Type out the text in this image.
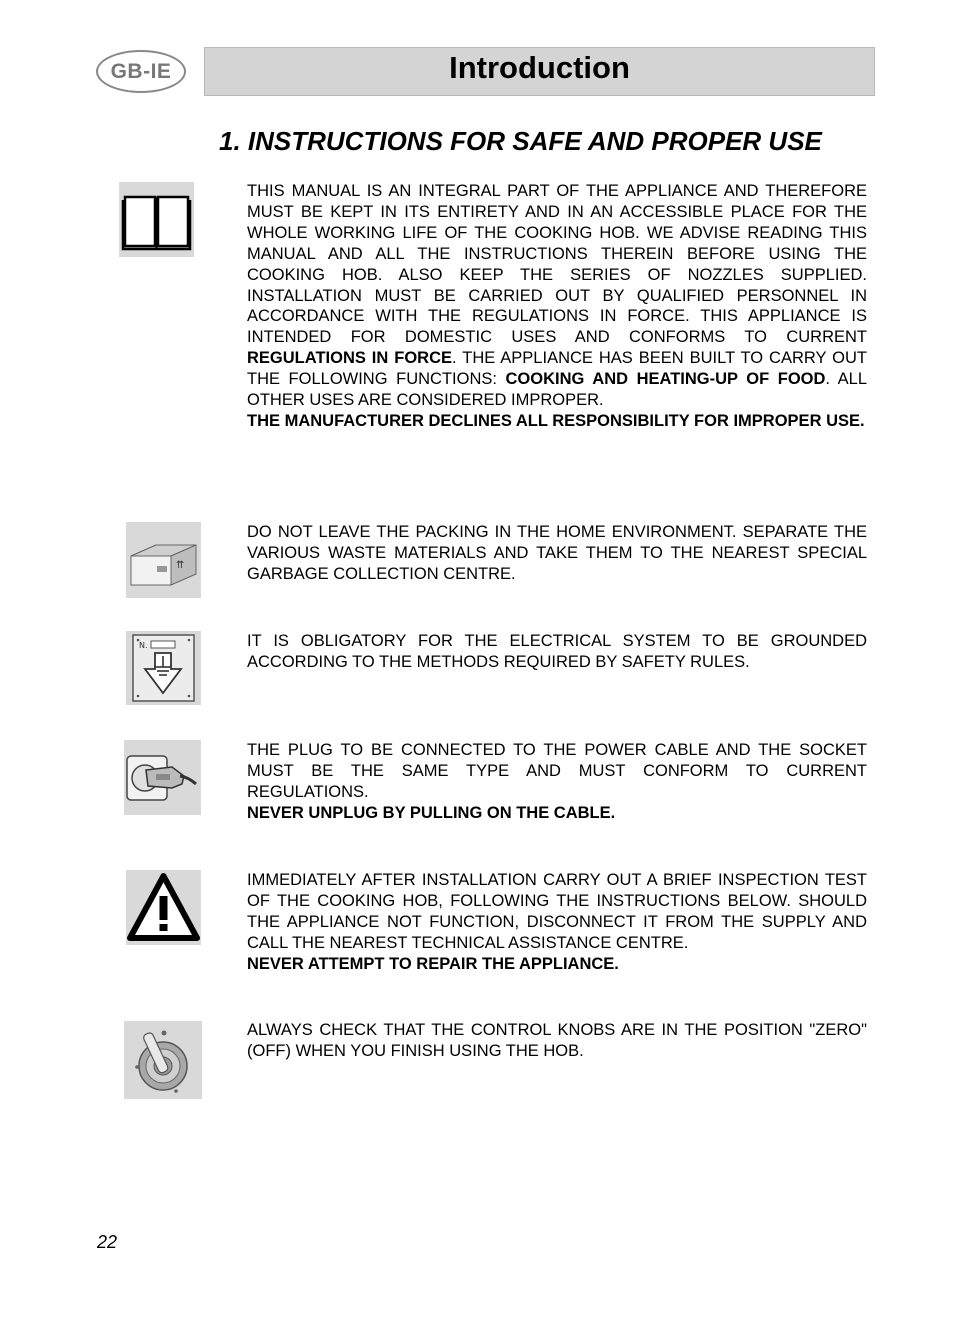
GB-IE	Introduction
1. INSTRUCTIONS FOR SAFE AND PROPER USE

THIS MANUAL IS AN INTEGRAL PART OF THE APPLIANCE AND THEREFORE MUST BE KEPT IN ITS ENTIRETY AND IN AN ACCESSIBLE PLACE FOR THE WHOLE WORKING LIFE OF THE COOKING HOB. WE ADVISE READING THIS MANUAL AND ALL THE INSTRUCTIONS THEREIN BEFORE USING THE COOKING HOB. ALSO KEEP THE SERIES OF NOZZLES SUPPLIED. INSTALLATION MUST BE CARRIED OUT BY QUALIFIED PERSONNEL IN ACCORDANCE WITH THE REGULATIONS IN FORCE. THIS APPLIANCE IS INTENDED FOR DOMESTIC USES AND CONFORMS TO CURRENT REGULATIONS IN FORCE. THE APPLIANCE HAS BEEN BUILT TO CARRY OUT THE FOLLOWING FUNCTIONS: COOKING AND HEATING-UP OF FOOD. ALL OTHER USES ARE CONSIDERED IMPROPER.

THE MANUFACTURER DECLINES ALL RESPONSIBILITY FOR IMPROPER USE.

⇈

DO NOT LEAVE THE PACKING IN THE HOME ENVIRONMENT. SEPARATE THE VARIOUS WASTE MATERIALS AND TAKE THEM TO THE NEAREST SPECIAL GARBAGE COLLECTION CENTRE.

N.	IT IS OBLIGATORY FOR THE ELECTRICAL SYSTEM TO BE GROUNDED ACCORDING TO THE METHODS REQUIRED BY SAFETY RULES.

THE PLUG TO BE CONNECTED TO THE POWER CABLE AND THE SOCKET MUST BE THE SAME TYPE AND MUST CONFORM TO CURRENT REGULATIONS.

NEVER UNPLUG BY PULLING ON THE CABLE.

IMMEDIATELY AFTER INSTALLATION CARRY OUT A BRIEF INSPECTION TEST OF THE COOKING HOB, FOLLOWING THE INSTRUCTIONS BELOW. SHOULD THE APPLIANCE NOT FUNCTION, DISCONNECT IT FROM THE SUPPLY AND CALL THE NEAREST TECHNICAL ASSISTANCE CENTRE.

NEVER ATTEMPT TO REPAIR THE APPLIANCE.

ALWAYS CHECK THAT THE CONTROL KNOBS ARE IN THE POSITION "ZERO" (OFF) WHEN YOU FINISH USING THE HOB.

22
